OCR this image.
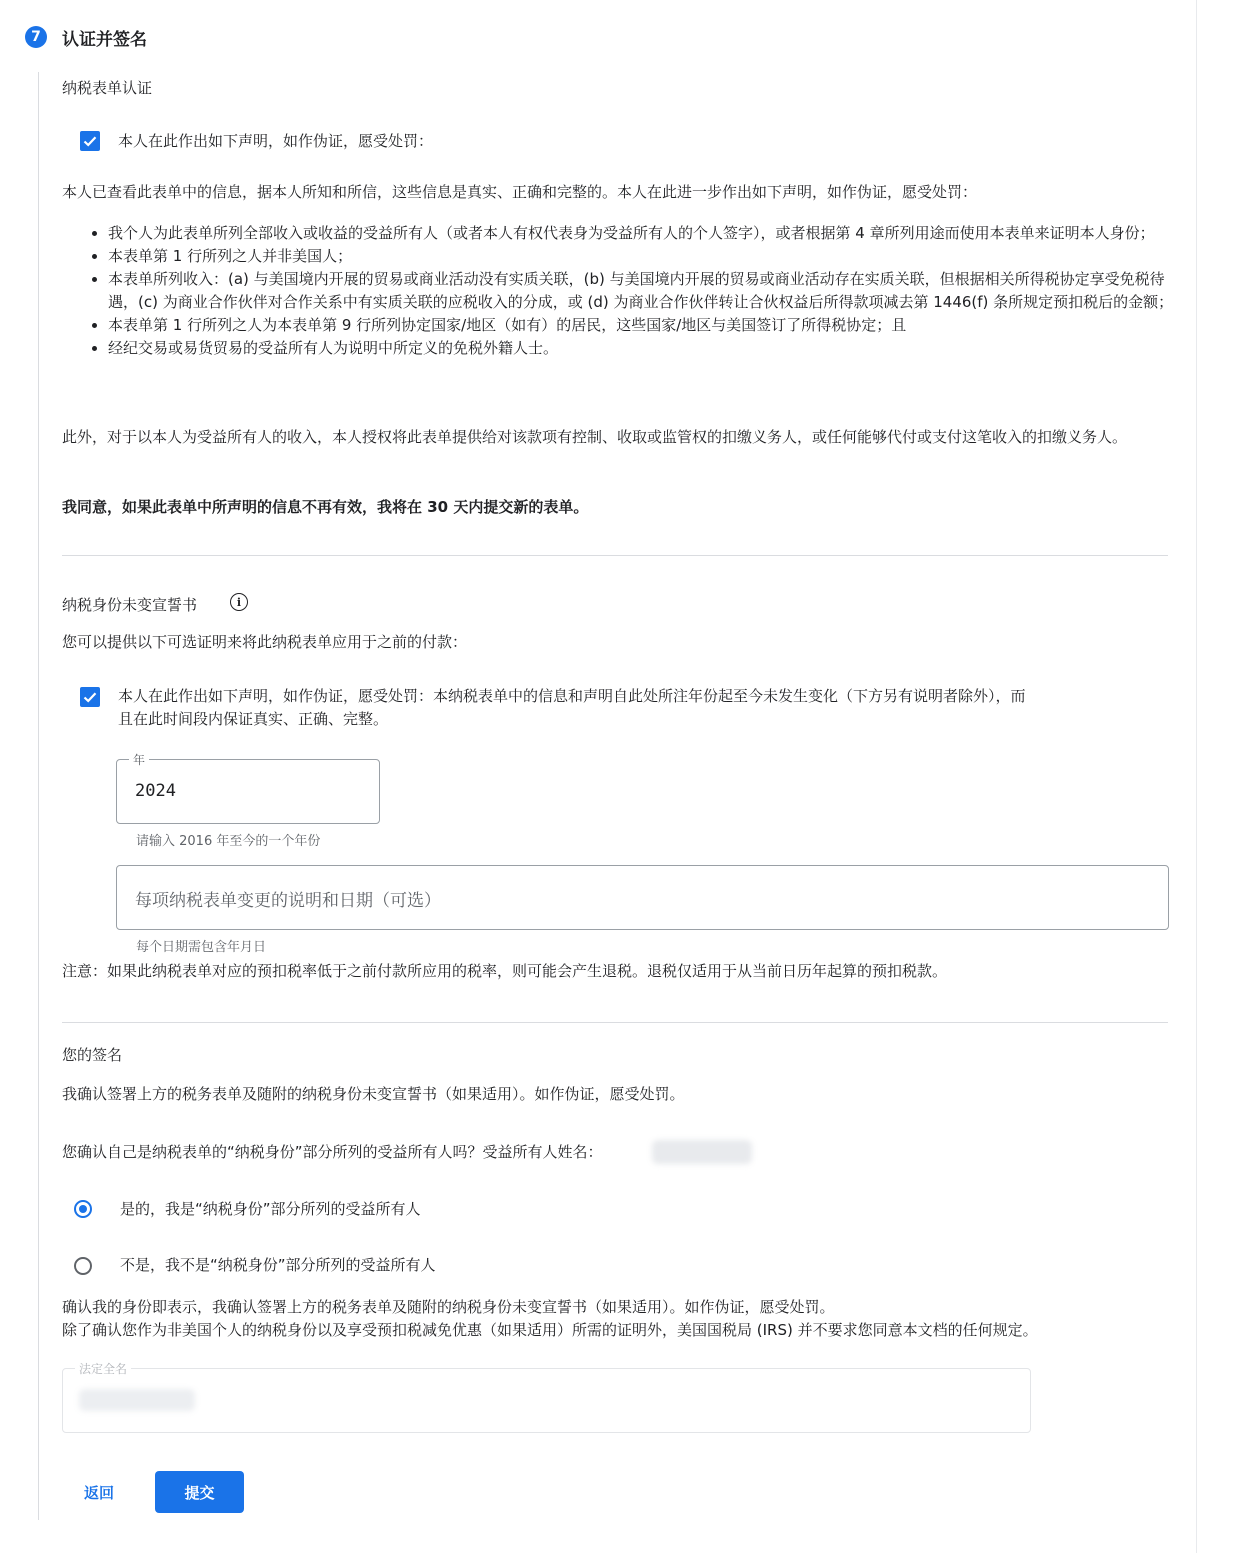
7	认证并签名
纳税表单认证
本人在此作出如下声明，如作伪证，愿受处罚：
本人已查看此表单中的信息，据本人所知和所信，这些信息是真实、正确和完整的。本人在此进一步作出如下声明，如作伪证，愿受处罚：
• 我个人为此表单所列全部收入或收益的受益所有人（或者本人有权代表身为受益所有人的个人签字），或者根据第 4 章所列用途而使用本表单来证明本人身份；
• 本表单第 1 行所列之人并非美国人；
• 本表单所列收入：(a) 与美国境内开展的贸易或商业活动没有实质关联，(b) 与美国境内开展的贸易或商业活动存在实质关联，但根据相关所得税协定享受免税待遇，(c) 为商业合作伙伴对合作关系中有实质关联的应税收入的分成，或 (d) 为商业合作伙伴转让合伙权益后所得款项减去第 1446(f) 条所规定预扣税后的金额；
• 本表单第 1 行所列之人为本表单第 9 行所列协定国家/地区（如有）的居民，这些国家/地区与美国签订了所得税协定；且
• 经纪交易或易货贸易的受益所有人为说明中所定义的免税外籍人士。
此外，对于以本人为受益所有人的收入，本人授权将此表单提供给对该款项有控制、收取或监管权的扣缴义务人，或任何能够代付或支付这笔收入的扣缴义务人。
我同意，如果此表单中所声明的信息不再有效，我将在 30 天内提交新的表单。
纳税身份未变宣誓书	i
您可以提供以下可选证明来将此纳税表单应用于之前的付款：
本人在此作出如下声明，如作伪证，愿受处罚：本纳税表单中的信息和声明自此处所注年份起至今未发生变化（下方另有说明者除外），而且在此时间段内保证真实、正确、完整。
年
2024
请输入 2016 年至今的一个年份
每项纳税表单变更的说明和日期（可选）
每个日期需包含年月日
注意：如果此纳税表单对应的预扣税率低于之前付款所应用的税率，则可能会产生退税。退税仅适用于从当前日历年起算的预扣税款。
您的签名
我确认签署上方的税务表单及随附的纳税身份未变宣誓书（如果适用）。如作伪证，愿受处罚。
您确认自己是纳税表单的“纳税身份”部分所列的受益所有人吗？受益所有人姓名：
是的，我是“纳税身份”部分所列的受益所有人
不是，我不是“纳税身份”部分所列的受益所有人
确认我的身份即表示，我确认签署上方的税务表单及随附的纳税身份未变宣誓书（如果适用）。如作伪证，愿受处罚。
除了确认您作为非美国个人的纳税身份以及享受预扣税减免优惠（如果适用）所需的证明外，美国国税局 (IRS) 并不要求您同意本文档的任何规定。
法定全名
返回	提交
